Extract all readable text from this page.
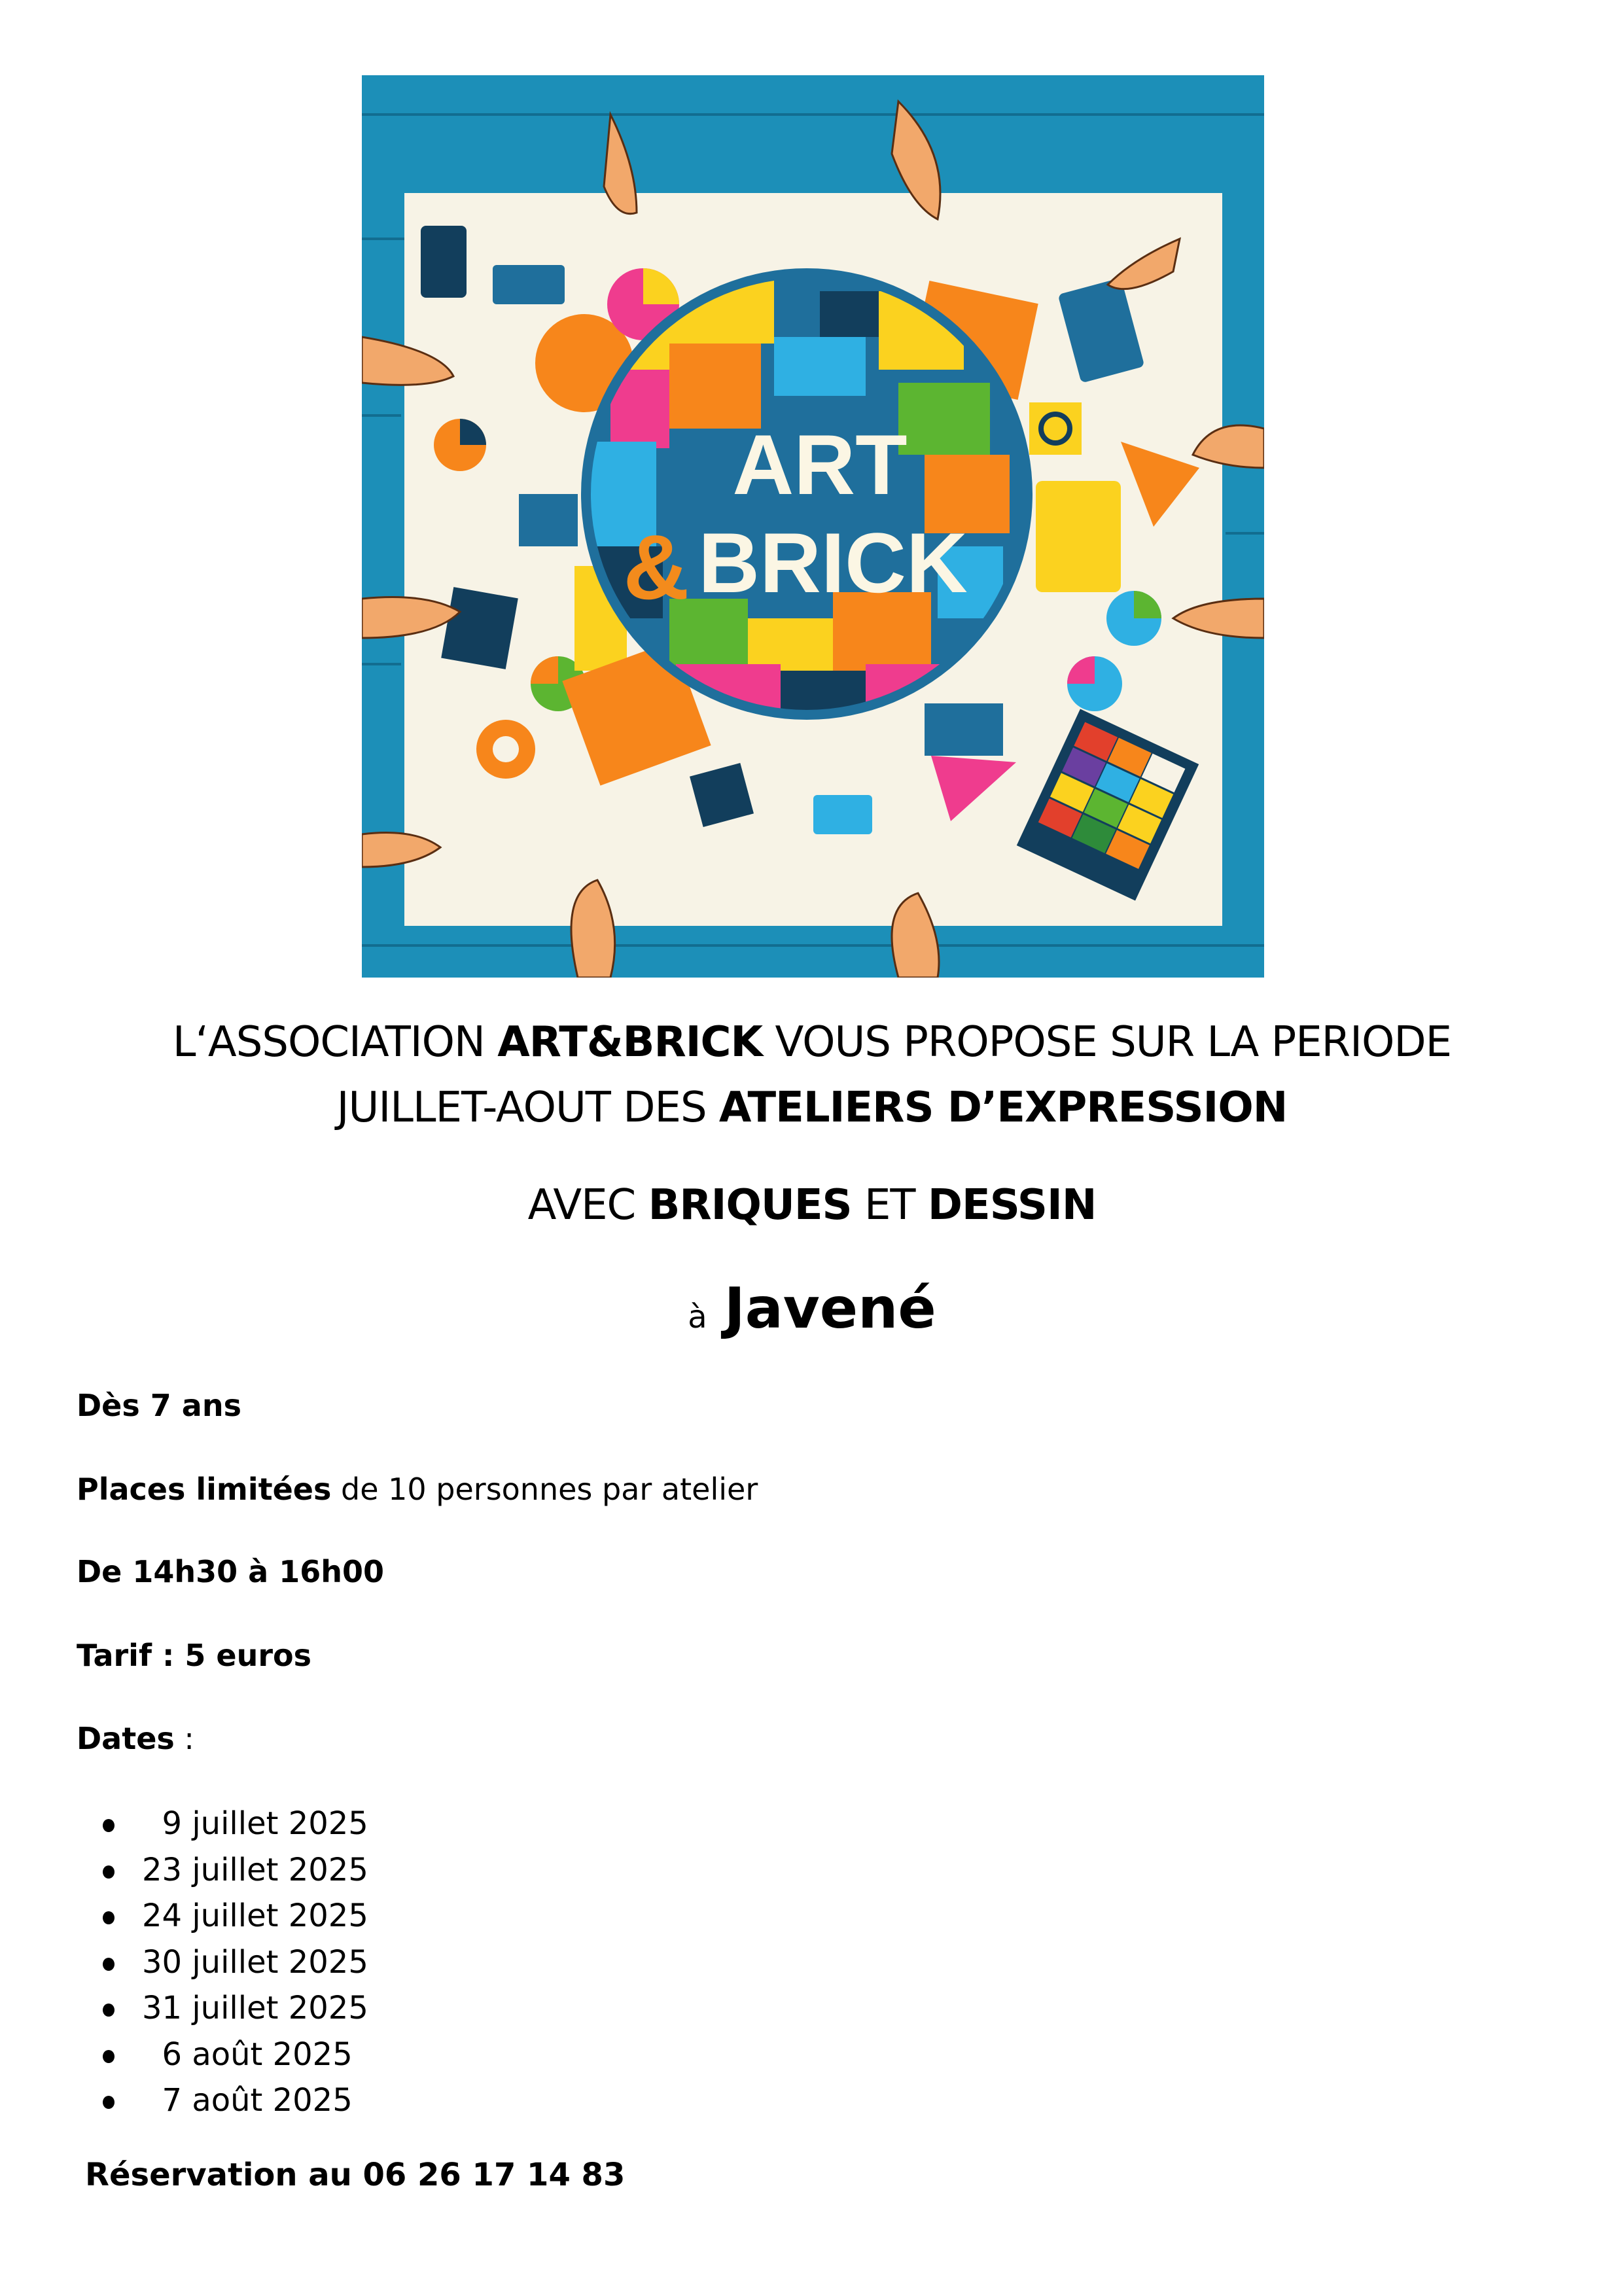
ART
& BRICK
L‘ASSOCIATION ART&BRICK VOUS PROPOSE SUR LA PERIODE
JUILLET-AOUT DES ATELIERS D’EXPRESSION
AVEC BRIQUES ET DESSIN
à Javené
Dès 7 ans
Places limitées de 10 personnes par atelier
De 14h30 à 16h00
Tarif : 5 euros
Dates :
9 juillet 2025
23 juillet 2025
24 juillet 2025
30 juillet 2025
31 juillet 2025
6 août 2025
7 août 2025
Réservation au 06 26 17 14 83
